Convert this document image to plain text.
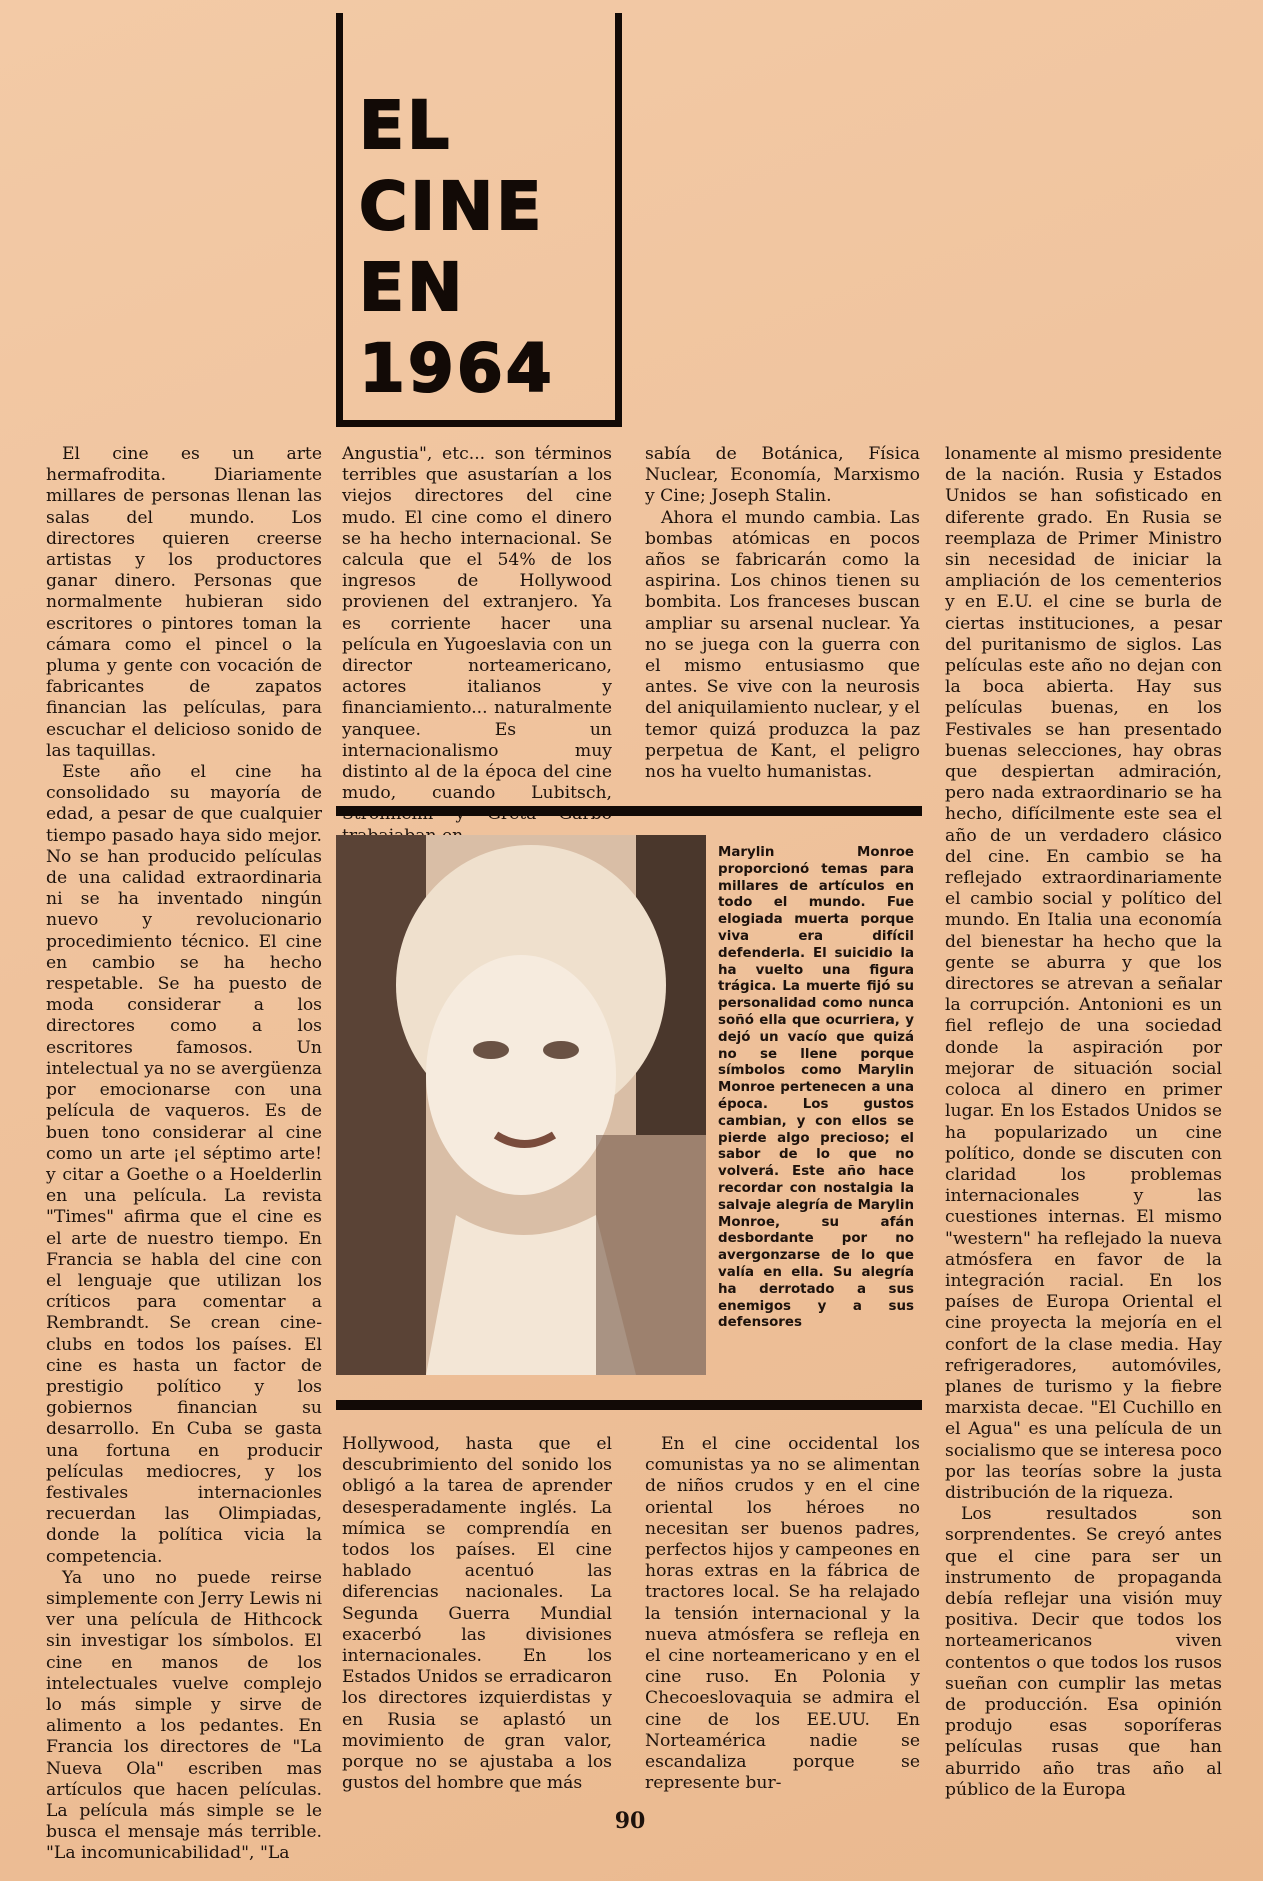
EL
CINE
EN
1964

El cine es un arte hermafrodita. Diariamente millares de personas llenan las salas del mundo. Los directores quieren creerse artistas y los productores ganar dinero. Personas que normalmente hubieran sido escritores o pintores toman la cámara como el pincel o la pluma y gente con vocación de fabricantes de zapatos financian las películas, para escuchar el delicioso sonido de las taquillas.

Este año el cine ha consolidado su mayoría de edad, a pesar de que cualquier tiempo pasado haya sido mejor. No se han producido películas de una calidad extraordinaria ni se ha inventado ningún nuevo y revolucionario procedimiento técnico. El cine en cambio se ha hecho respetable. Se ha puesto de moda considerar a los directores como a los escritores famosos. Un intelectual ya no se avergüenza por emocionarse con una película de vaqueros. Es de buen tono considerar al cine como un arte ¡el séptimo arte! y citar a Goethe o a Hoelderlin en una película. La revista "Times" afirma que el cine es el arte de nuestro tiempo. En Francia se habla del cine con el lenguaje que utilizan los críticos para comentar a Rembrandt. Se crean cine-clubs en todos los países. El cine es hasta un factor de prestigio político y los gobiernos financian su desarrollo. En Cuba se gasta una fortuna en producir películas mediocres, y los festivales internacionles recuerdan las Olimpiadas, donde la política vicia la competencia.

Ya uno no puede reirse simplemente con Jerry Lewis ni ver una película de Hithcock sin investigar los símbolos. El cine en manos de los intelectuales vuelve complejo lo más simple y sirve de alimento a los pedantes. En Francia los directores de "La Nueva Ola" escriben mas artículos que hacen películas. La película más simple se le busca el mensaje más terrible. "La incomunicabilidad", "La

Angustia", etc... son términos terribles que asustarían a los viejos directores del cine mudo. El cine como el dinero se ha hecho internacional. Se calcula que el 54% de los ingresos de Hollywood provienen del extranjero. Ya es corriente hacer una película en Yugoeslavia con un director norteamericano, actores italianos y financiamiento... naturalmente yanquee. Es un internacionalismo muy distinto al de la época del cine mudo, cuando Lubitsch,

sabía de Botánica, Física Nuclear, Economía, Marxismo y Cine; Joseph Stalin.

Ahora el mundo cambia. Las bombas atómicas en pocos años se fabricarán como la aspirina. Los chinos tienen su bombita. Los franceses buscan ampliar su arsenal nuclear. Ya no se juega con la guerra con el mismo entusiasmo que antes. Se vive con la neurosis del aniquilamiento nuclear, y el temor quizá produzca la paz perpetua de Kant, el peligro nos ha vuelto humanistas.

Marylin Monroe proporcionó temas para millares de artículos en todo el mundo. Fue elogiada muerta porque viva era difícil defenderla. El suicidio la ha vuelto una figura trágica. La muerte fijó su personalidad como nunca soñó ella que ocurriera, y dejó un vacío que quizá no se llene porque símbolos como Marylin Monroe pertenecen a una época. Los gustos cambian, y con ellos se pierde algo precioso; el sabor de lo que no volverá. Este año hace recordar con nostalgia la salvaje alegría de Marylin Monroe, su afán desbordante por no avergonzarse de lo que valía en ella. Su alegría ha derrotado a sus enemigos y a sus defensores

Hollywood, hasta que el descubrimiento del sonido los obligó a la tarea de aprender desesperadamente inglés. La mímica se comprendía en todos los países. El cine hablado acentuó las diferencias nacionales. La Segunda Guerra Mundial exacerbó las divisiones internacionales. En los Estados Unidos se erradicaron los directores izquierdistas y en Rusia se aplastó un movimiento de gran valor, porque no se ajustaba a los gustos del hombre que más

En el cine occidental los comunistas ya no se alimentan de niños crudos y en el cine oriental los héroes no necesitan ser buenos padres, perfectos hijos y campeones en horas extras en la fábrica de tractores local. Se ha relajado la tensión internacional y la nueva atmósfera se refleja en el cine norteamericano y en el cine ruso. En Polonia y Checoeslovaquia se admira el cine de los EE.UU. En Norteamérica nadie se escandaliza porque se represente bur-

lonamente al mismo presidente de la nación. Rusia y Estados Unidos se han sofisticado en diferente grado. En Rusia se reemplaza de Primer Ministro sin necesidad de iniciar la ampliación de los cementerios y en E.U. el cine se burla de ciertas instituciones, a pesar del puritanismo de siglos. Las películas este año no dejan con la boca abierta. Hay sus películas buenas, en los Festivales se han presentado buenas selecciones, hay obras que despiertan admiración, pero nada extraordinario se ha hecho, difícilmente este sea el año de un verdadero clásico del cine. En cambio se ha reflejado extraordinariamente el cambio social y político del mundo. En Italia una economía del bienestar ha hecho que la gente se aburra y que los directores se atrevan a señalar la corrupción. Antonioni es un fiel reflejo de una sociedad donde la aspiración por mejorar de situación social coloca al dinero en primer lugar. En los Estados Unidos se ha popularizado un cine político, donde se discuten con claridad los problemas internacionales y las cuestiones internas. El mismo "western" ha reflejado la nueva atmósfera en favor de la integración racial. En los países de Europa Oriental el cine proyecta la mejoría en el confort de la clase media. Hay refrigeradores, automóviles, planes de turismo y la fiebre marxista decae. "El Cuchillo en el Agua" es una película de un socialismo que se interesa poco por las teorías sobre la justa distribución de la riqueza.

Los resultados son sorprendentes. Se creyó antes que el cine para ser un instrumento de propaganda debía reflejar una visión muy positiva. Decir que todos los norteamericanos viven contentos o que todos los rusos sueñan con cumplir las metas de producción. Esa opinión produjo esas soporíferas películas rusas que han aburrido año tras año al público de la Europa

90
